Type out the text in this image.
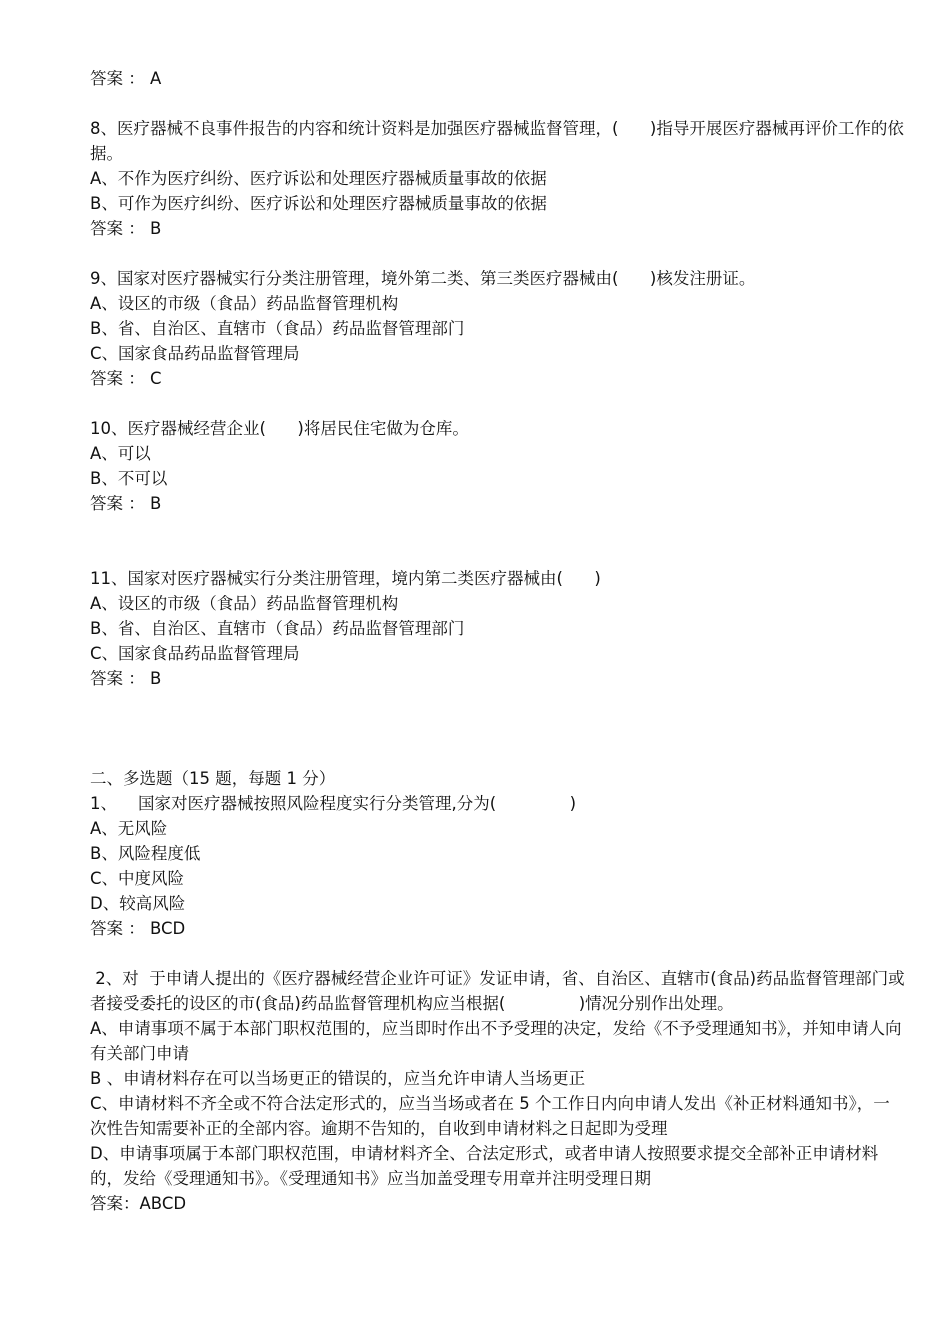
答案 ： A
8、医疗器械不良事件报告的内容和统计资料是加强医疗器械监督管理，(      )指导开展医疗器械再评价工作的依据。
A、不作为医疗纠纷、医疗诉讼和处理医疗器械质量事故的依据
B、可作为医疗纠纷、医疗诉讼和处理医疗器械质量事故的依据
答案 ： B
9、国家对医疗器械实行分类注册管理，境外第二类、第三类医疗器械由(      )核发注册证。
A、设区的市级（食品）药品监督管理机构
B、省、自治区、直辖市（食品）药品监督管理部门
C、国家食品药品监督管理局
答案 ： C
10、医疗器械经营企业(      )将居民住宅做为仓库。
A、可以
B、不可以
答案 ： B
11、国家对医疗器械实行分类注册管理，境内第二类医疗器械由(      )
A、设区的市级（食品）药品监督管理机构
B、省、自治区、直辖市（食品）药品监督管理部门
C、国家食品药品监督管理局
答案 ： B
二、多选题（15 题，每题 1 分）
1、    国家对医疗器械按照风险程度实行分类管理,分为(              )
A、无风险
B、风险程度低
C、中度风险
D、较高风险
答案 ： BCD
2、对  于申请人提出的《医疗器械经营企业许可证》发证申请，省、自治区、直辖市(食品)药品监督管理部门或者接受委托的设区的市(食品)药品监督管理机构应当根据(              )情况分别作出处理。
A、申请事项不属于本部门职权范围的，应当即时作出不予受理的决定，发给《不予受理通知书》，并知申请人向有关部门申请
B 、申请材料存在可以当场更正的错误的，应当允许申请人当场更正
C、申请材料不齐全或不符合法定形式的，应当当场或者在 5 个工作日内向申请人发出《补正材料通知书》，一次性告知需要补正的全部内容。逾期不告知的，自收到申请材料之日起即为受理
D、申请事项属于本部门职权范围，申请材料齐全、合法定形式，或者申请人按照要求提交全部补正申请材料的，发给《受理通知书》。《受理通知书》应当加盖受理专用章并注明受理日期
答案：ABCD
